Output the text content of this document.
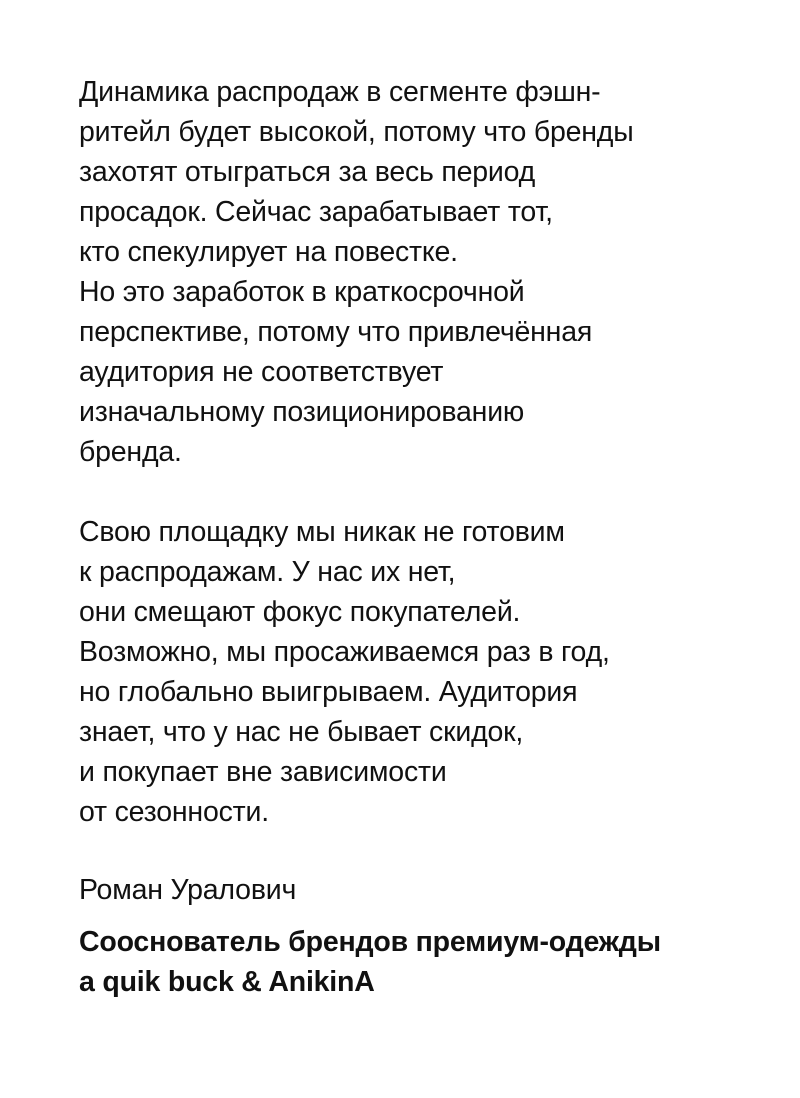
Динамика распродаж в сегменте фэшн-
ритейл будет высокой, потому что бренды
захотят отыграться за весь период
просадок. Сейчас зарабатывает тот,
кто спекулирует на повестке.
Но это заработок в краткосрочной
перспективе, потому что привлечённая
аудитория не соответствует
изначальному позиционированию
бренда.

Свою площадку мы никак не готовим
к распродажам. У нас их нет,
они смещают фокус покупателей.
Возможно, мы просаживаемся раз в год,
но глобально выигрываем. Аудитория
знает, что у нас не бывает скидок,
и покупает вне зависимости
от сезонности.

Роман Уралович

Сооснователь брендов премиум-одежды
a quik buck & AnikinA
